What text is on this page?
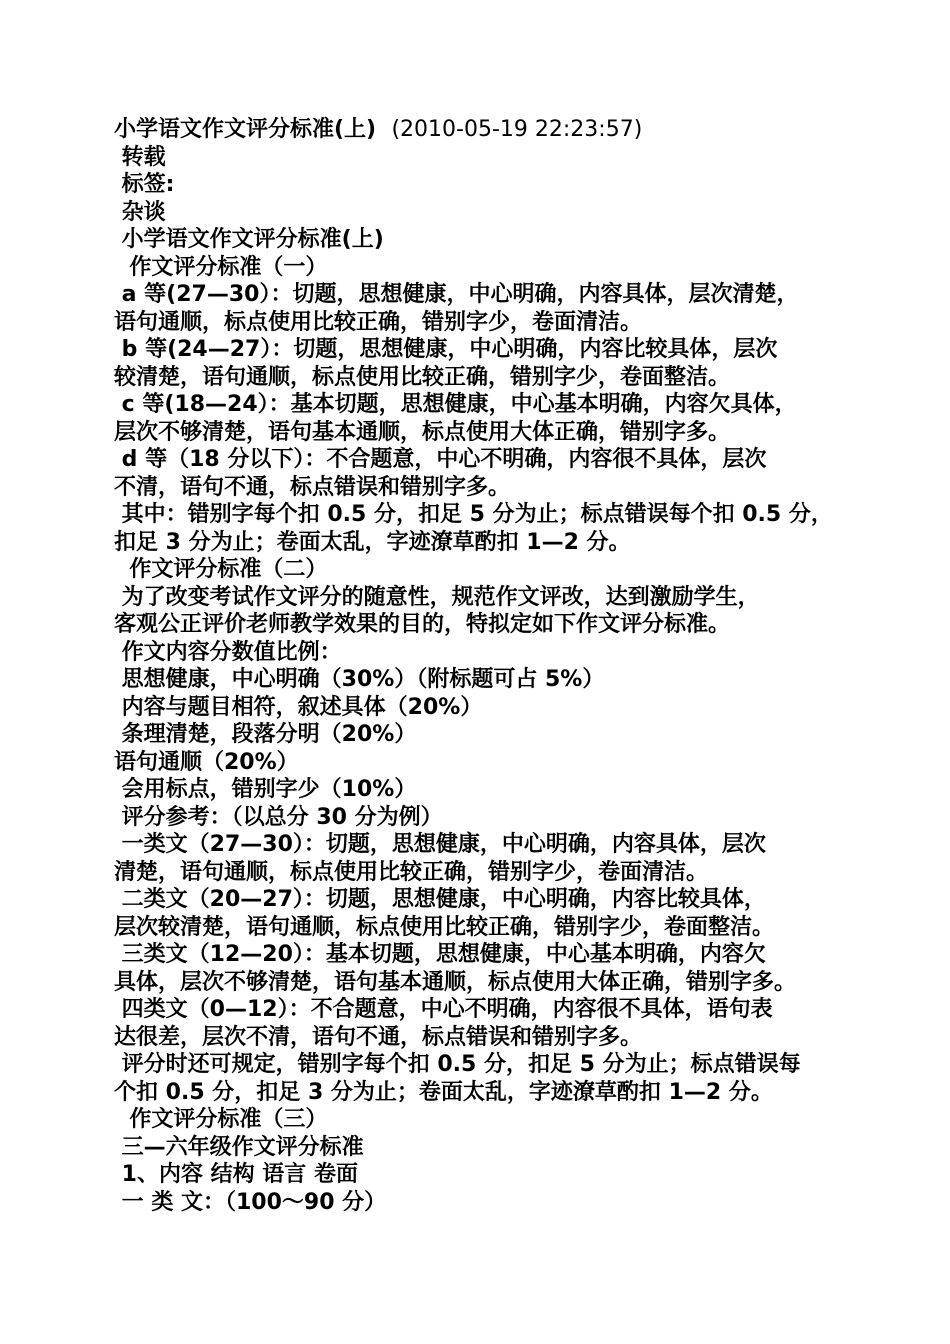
小学语文作文评分标准(上) (2010-05-19 22:23:57)
转载
标签:
杂谈
小学语文作文评分标准(上)
作文评分标准（一）
a 等(27—30）：切题，思想健康，中心明确，内容具体，层次清楚，
语句通顺，标点使用比较正确，错别字少，卷面清洁。
b 等(24—27）：切题，思想健康，中心明确，内容比较具体，层次
较清楚，语句通顺，标点使用比较正确，错别字少，卷面整洁。
c 等(18—24）：基本切题，思想健康，中心基本明确，内容欠具体，
层次不够清楚，语句基本通顺，标点使用大体正确，错别字多。
d 等（18 分以下）：不合题意，中心不明确，内容很不具体，层次
不清，语句不通，标点错误和错别字多。
其中：错别字每个扣 0.5 分，扣足 5 分为止；标点错误每个扣 0.5 分，
扣足 3 分为止；卷面太乱，字迹潦草酌扣 1—2 分。
作文评分标准（二）
为了改变考试作文评分的随意性，规范作文评改，达到激励学生，
客观公正评价老师教学效果的目的，特拟定如下作文评分标准。
作文内容分数值比例：
思想健康，中心明确（30%）（附标题可占 5%）
内容与题目相符，叙述具体（20%）
条理清楚，段落分明（20%）
语句通顺（20%）
会用标点，错别字少（10%）
评分参考：（以总分 30 分为例）
一类文（27—30）：切题，思想健康，中心明确，内容具体，层次
清楚，语句通顺，标点使用比较正确，错别字少，卷面清洁。
二类文（20—27）：切题，思想健康，中心明确，内容比较具体，
层次较清楚，语句通顺，标点使用比较正确，错别字少，卷面整洁。
三类文（12—20）：基本切题，思想健康，中心基本明确，内容欠
具体，层次不够清楚，语句基本通顺，标点使用大体正确，错别字多。
四类文（0—12）：不合题意，中心不明确，内容很不具体，语句表
达很差，层次不清，语句不通，标点错误和错别字多。
评分时还可规定，错别字每个扣 0.5 分，扣足 5 分为止；标点错误每
个扣 0.5 分，扣足 3 分为止；卷面太乱，字迹潦草酌扣 1—2 分。
作文评分标准（三）
三—六年级作文评分标准
1、内容 结构 语言 卷面
一 类 文：（100～90 分）
